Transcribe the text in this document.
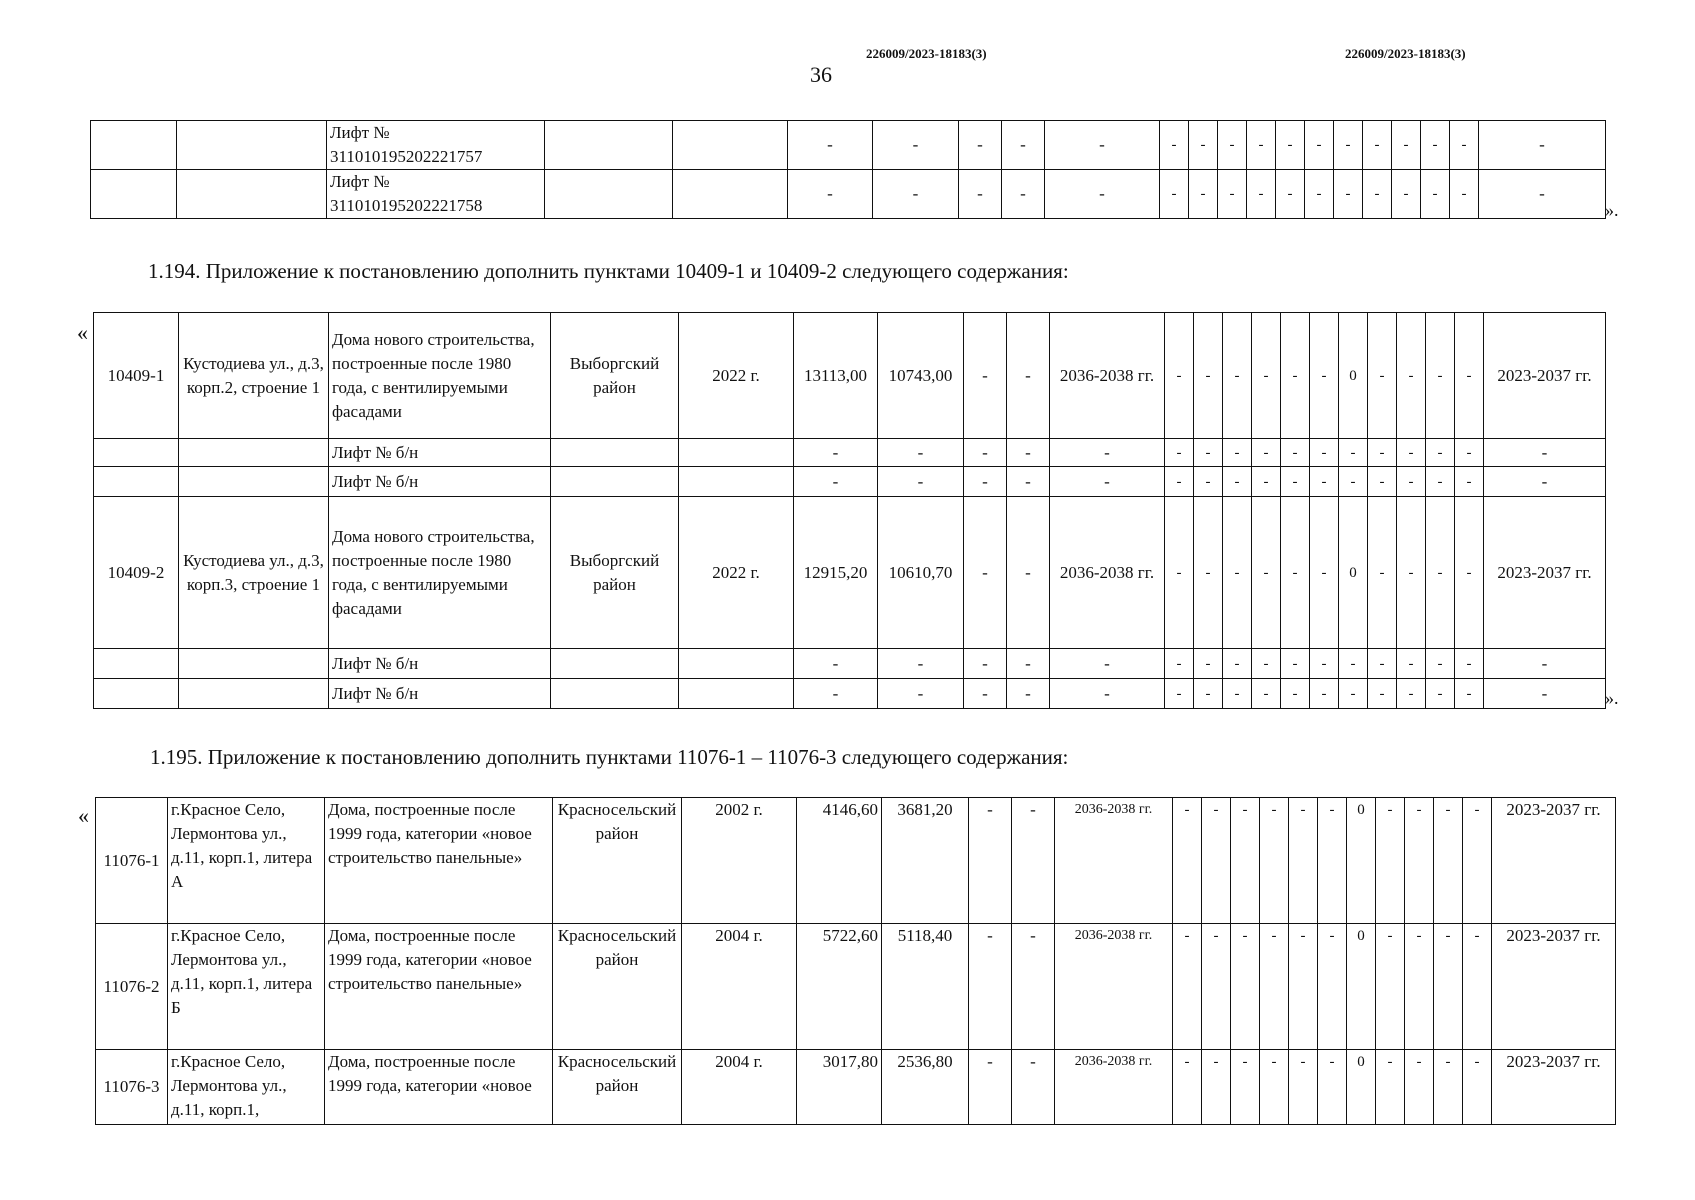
226009/2023-18183(3)	226009/2023-18183(3)
36
		Лифт № 311010195202221757			-	-	-	-	-	-	-	-	-	-	-	-	-	-	-	-	-
		Лифт № 311010195202221758			-	-	-	-	-	-	-	-	-	-	-	-	-	-	-	-	-
».
1.194. Приложение к постановлению дополнить пунктами 10409-1 и 10409-2 следующего содержания:
«
10409-1	Кустодиева ул., д.3, корп.2, строение 1	Дома нового строительства, построенные после 1980 года, с вентилируемыми фасадами	Выборгский район	2022 г.	13113,00	10743,00	-	-	2036-2038 гг.	-	-	-	-	-	-	0	-	-	-	-	2023-2037 гг.
		Лифт № б/н			-	-	-	-	-	-	-	-	-	-	-	-	-	-	-	-	-
		Лифт № б/н			-	-	-	-	-	-	-	-	-	-	-	-	-	-	-	-	-
10409-2	Кустодиева ул., д.3, корп.3, строение 1	Дома нового строительства, построенные после 1980 года, с вентилируемыми фасадами	Выборгский район	2022 г.	12915,20	10610,70	-	-	2036-2038 гг.	-	-	-	-	-	-	0	-	-	-	-	2023-2037 гг.
		Лифт № б/н			-	-	-	-	-	-	-	-	-	-	-	-	-	-	-	-	-
		Лифт № б/н			-	-	-	-	-	-	-	-	-	-	-	-	-	-	-	-	-	».
1.195. Приложение к постановлению дополнить пунктами 11076-1 – 11076-3 следующего содержания:
«
11076-1	г.Красное Село, Лермонтова ул., д.11, корп.1, литера А	Дома, построенные после 1999 года, категории «новое строительство панельные»	Красносельский район	2002 г.	4146,60	3681,20	-	-	2036-2038 гг.	-	-	-	-	-	-	0	-	-	-	-	2023-2037 гг.
11076-2	г.Красное Село, Лермонтова ул., д.11, корп.1, литера Б	Дома, построенные после 1999 года, категории «новое строительство панельные»	Красносельский район	2004 г.	5722,60	5118,40	-	-	2036-2038 гг.	-	-	-	-	-	-	0	-	-	-	-	2023-2037 гг.
11076-3	г.Красное Село, Лермонтова ул., д.11, корп.1,	Дома, построенные после 1999 года, категории «новое	Красносельский район	2004 г.	3017,80	2536,80	-	-	2036-2038 гг.	-	-	-	-	-	-	0	-	-	-	-	2023-2037 гг.
